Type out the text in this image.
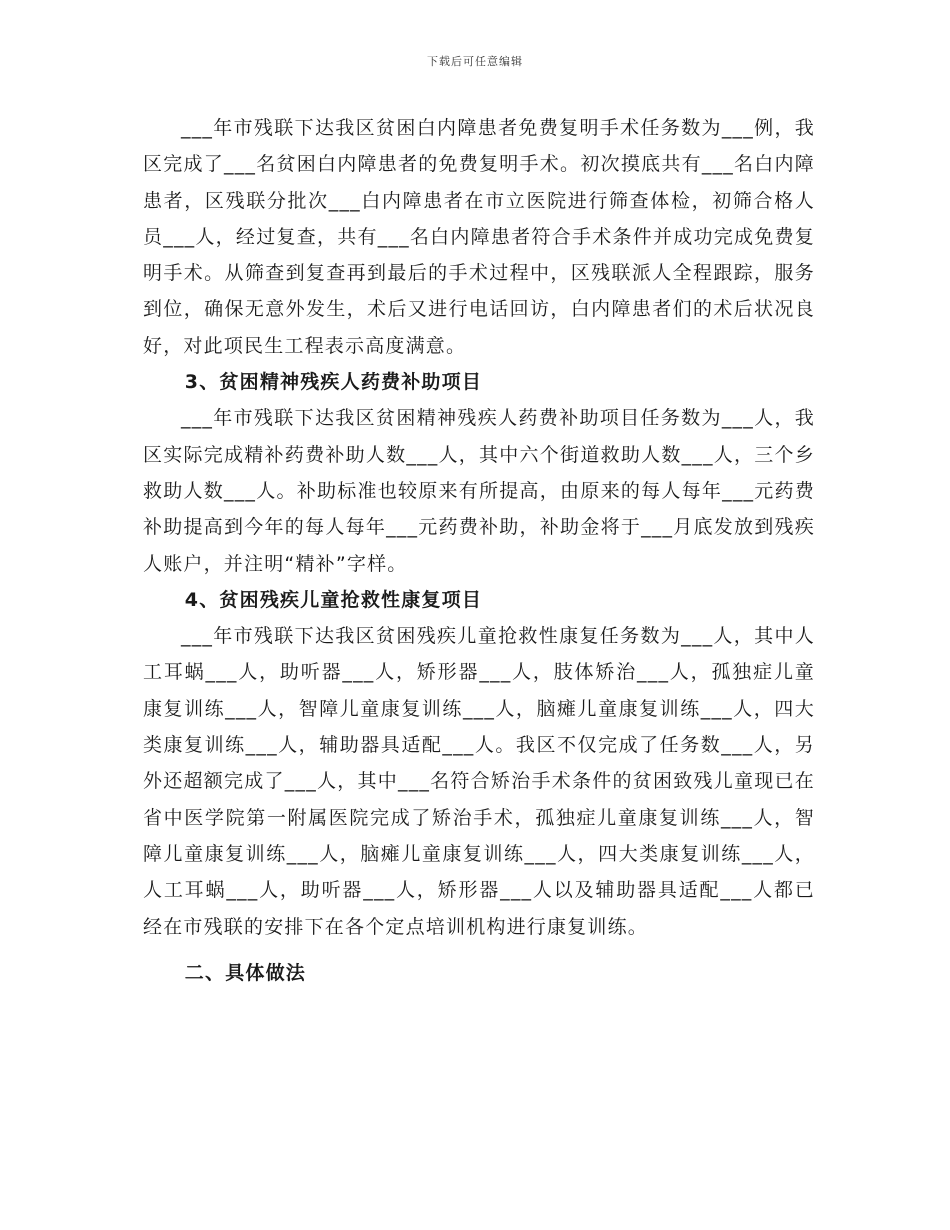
下载后可任意编辑

___年市残联下达我区贫困白内障患者免费复明手术任务数为___例，我区完成了___名贫困白内障患者的免费复明手术。初次摸底共有___名白内障患者，区残联分批次___白内障患者在市立医院进行筛查体检，初筛合格人员___人，经过复查，共有___名白内障患者符合手术条件并成功完成免费复明手术。从筛查到复查再到最后的手术过程中，区残联派人全程跟踪，服务到位，确保无意外发生，术后又进行电话回访，白内障患者们的术后状况良好，对此项民生工程表示高度满意。

3、贫困精神残疾人药费补助项目

___年市残联下达我区贫困精神残疾人药费补助项目任务数为___人，我区实际完成精补药费补助人数___人，其中六个街道救助人数___人，三个乡救助人数___人。补助标准也较原来有所提高，由原来的每人每年___元药费补助提高到今年的每人每年___元药费补助，补助金将于___月底发放到残疾人账户，并注明“精补”字样。

4、贫困残疾儿童抢救性康复项目

___年市残联下达我区贫困残疾儿童抢救性康复任务数为___人，其中人工耳蜗___人，助听器___人，矫形器___人，肢体矫治___人，孤独症儿童康复训练___人，智障儿童康复训练___人，脑瘫儿童康复训练___人，四大类康复训练___人，辅助器具适配___人。我区不仅完成了任务数___人，另外还超额完成了___人，其中___名符合矫治手术条件的贫困致残儿童现已在省中医学院第一附属医院完成了矫治手术，孤独症儿童康复训练___人，智障儿童康复训练___人，脑瘫儿童康复训练___人，四大类康复训练___人，人工耳蜗___人，助听器___人，矫形器___人以及辅助器具适配___人都已经在市残联的安排下在各个定点培训机构进行康复训练。

二、具体做法
